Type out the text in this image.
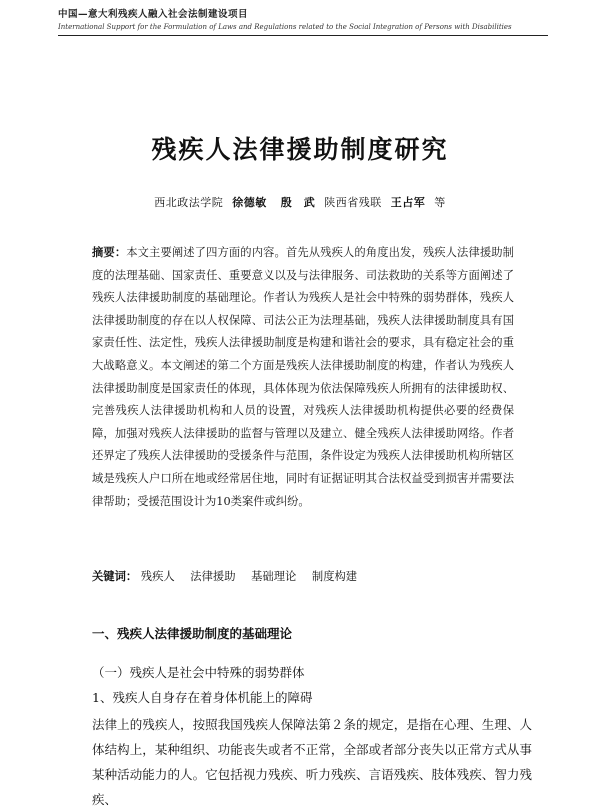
中国—意大利残疾人融入社会法制建设项目
International Support for the Formulation of Laws and Regulations related to the Social Integration of Persons with Disabilities
残疾人法律援助制度研究
西北政法学院 徐德敏 殷　武 陕西省残联 王占军 等
摘要：本文主要阐述了四方面的内容。首先从残疾人的角度出发，残疾人法律援助制度的法理基础、国家责任、重要意义以及与法律服务、司法救助的关系等方面阐述了残疾人法律援助制度的基础理论。作者认为残疾人是社会中特殊的弱势群体，残疾人法律援助制度的存在以人权保障、司法公正为法理基础，残疾人法律援助制度具有国家责任性、法定性，残疾人法律援助制度是构建和谐社会的要求，具有稳定社会的重大战略意义。本文阐述的第二个方面是残疾人法律援助制度的构建，作者认为残疾人法律援助制度是国家责任的体现，具体体现为依法保障残疾人所拥有的法律援助权、完善残疾人法律援助机构和人员的设置，对残疾人法律援助机构提供必要的经费保障，加强对残疾人法律援助的监督与管理以及建立、健全残疾人法律援助网络。作者还界定了残疾人法律援助的受援条件与范围，条件设定为残疾人法律援助机构所辖区域是残疾人户口所在地或经常居住地，同时有证据证明其合法权益受到损害并需要法律帮助；受援范围设计为10类案件或纠纷。
关键词： 残疾人 法律援助 基础理论 制度构建
一、残疾人法律援助制度的基础理论
（一）残疾人是社会中特殊的弱势群体
1、残疾人自身存在着身体机能上的障碍
法律上的残疾人，按照我国残疾人保障法第２条的规定，是指在心理、生理、人体结构上，某种组织、功能丧失或者不正常，全部或者部分丧失以正常方式从事某种活动能力的人。它包括视力残疾、听力残疾、言语残疾、肢体残疾、智力残疾、
